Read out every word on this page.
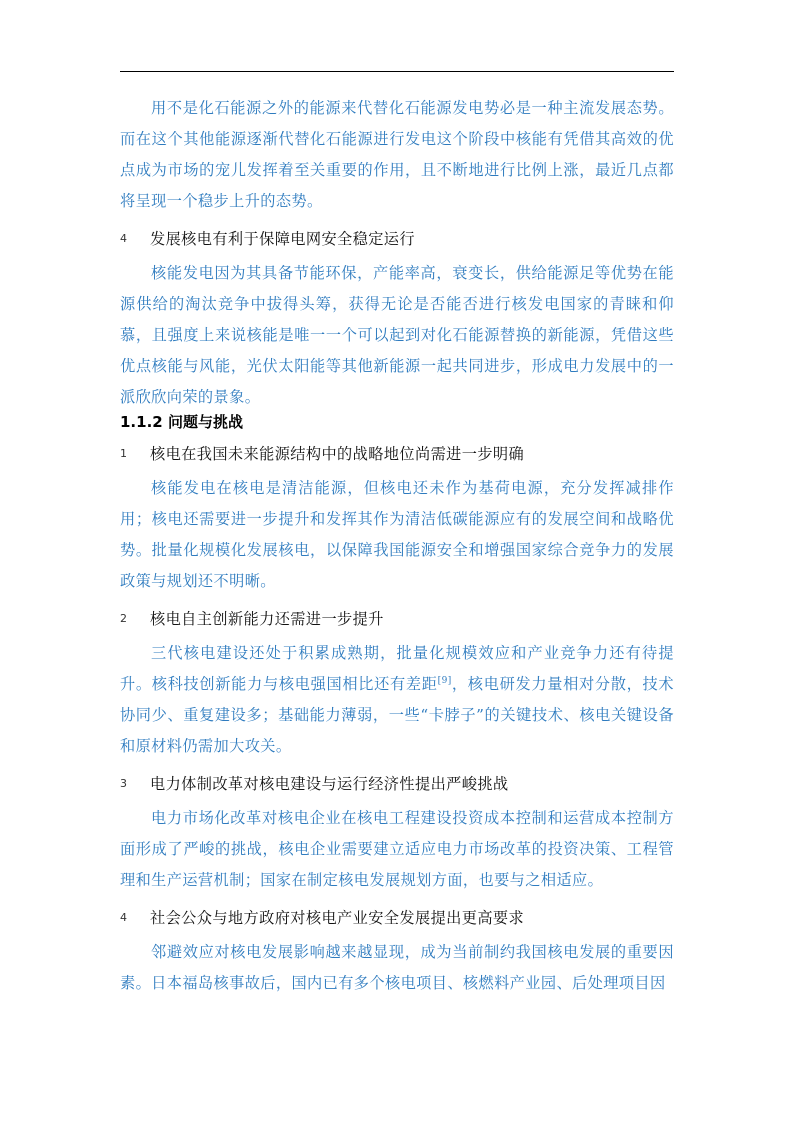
用不是化石能源之外的能源来代替化石能源发电势必是一种主流发展态势。而在这个其他能源逐渐代替化石能源进行发电这个阶段中核能有凭借其高效的优点成为市场的宠儿发挥着至关重要的作用，且不断地进行比例上涨，最近几点都将呈现一个稳步上升的态势。

4	发展核电有利于保障电网安全稳定运行

核能发电因为其具备节能环保，产能率高，衰变长，供给能源足等优势在能源供给的淘汰竞争中拔得头筹，获得无论是否能否进行核发电国家的青睐和仰慕，且强度上来说核能是唯一一个可以起到对化石能源替换的新能源，凭借这些优点核能与风能，光伏太阳能等其他新能源一起共同进步，形成电力发展中的一派欣欣向荣的景象。

1.1.2 问题与挑战
1	核电在我国未来能源结构中的战略地位尚需进一步明确

核能发电在核电是清洁能源，但核电还未作为基荷电源，充分发挥减排作用；核电还需要进一步提升和发挥其作为清洁低碳能源应有的发展空间和战略优势。批量化规模化发展核电，以保障我国能源安全和增强国家综合竞争力的发展政策与规划还不明晰。

2	核电自主创新能力还需进一步提升

三代核电建设还处于积累成熟期，批量化规模效应和产业竞争力还有待提升。核科技创新能力与核电强国相比还有差距[9]，核电研发力量相对分散，技术协同少、重复建设多；基础能力薄弱，一些“卡脖子”的关键技术、核电关键设备和原材料仍需加大攻关。

3	电力体制改革对核电建设与运行经济性提出严峻挑战

电力市场化改革对核电企业在核电工程建设投资成本控制和运营成本控制方面形成了严峻的挑战，核电企业需要建立适应电力市场改革的投资决策、工程管理和生产运营机制；国家在制定核电发展规划方面，也要与之相适应。

4	社会公众与地方政府对核电产业安全发展提出更高要求

邻避效应对核电发展影响越来越显现，成为当前制约我国核电发展的重要因素。日本福岛核事故后，国内已有多个核电项目、核燃料产业园、后处理项目因
